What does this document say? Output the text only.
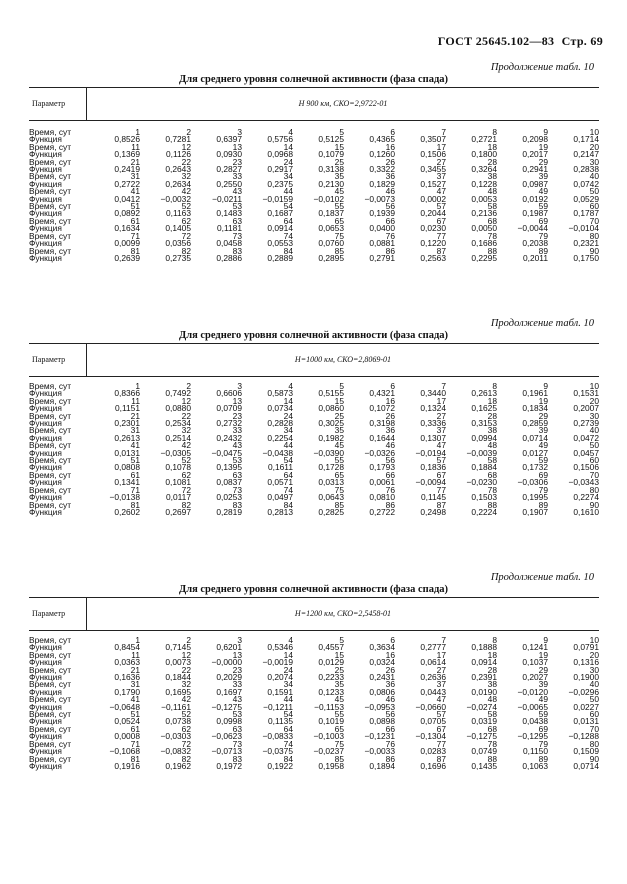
ГОСТ 25645.102—83 Стр. 69
Продолжение табл. 10
Для среднего уровня солнечной активности (фаза спада)
Параметр	H 900 км, СКО=2,9722-01
Время, сут	1	2	3	4	5	6	7	8	9	10
Функция	0,8526	0,7281	0,6397	0,5756	0,5125	0,4365	0,3507	0,2721	0,2098	0,1714
Время, сут	11	12	13	14	15	16	17	18	19	20
Функция	0,1369	0,1126	0,0930	0,0968	0,1079	0,1260	0,1506	0,1800	0,2017	0,2147
Время, сут	21	22	23	24	25	26	27	28	29	30
Функция	0,2419	0,2643	0,2827	0,2917	0,3138	0,3322	0,3455	0,3264	0,2941	0,2838
Время, сут	31	32	33	34	35	36	37	38	39	40
Функция	0,2722	0,2634	0,2550	0,2375	0,2130	0,1829	0,1527	0,1228	0,0987	0,0742
Время, сут	41	42	43	44	45	46	47	48	49	50
Функция	0,0412	−0,0032	−0,0211	−0,0159	−0,0102	−0,0073	0,0002	0,0053	0,0192	0,0529
Время, сут	51	52	53	54	55	56	57	58	59	60
Функция	0,0892	0,1163	0,1483	0,1687	0,1837	0,1939	0,2044	0,2136	0,1987	0,1787
Время, сут	61	62	63	64	65	66	67	68	69	70
Функция	0,1634	0,1405	0,1181	0,0914	0,0653	0,0400	0,0230	0,0050	−0,0044	−0,0104
Время, сут	71	72	73	74	75	76	77	78	79	80
Функция	0,0099	0,0356	0,0458	0,0553	0,0760	0,0881	0,1220	0,1686	0,2038	0,2321
Время, сут	81	82	83	84	85	86	87	88	89	90
Функция	0,2639	0,2735	0,2886	0,2889	0,2895	0,2791	0,2563	0,2295	0,2011	0,1750
Продолжение табл. 10
Для среднего уровня солнечной активности (фаза спада)
Параметр	H=1000 км, СКО=2,8069-01
Время, сут	1	2	3	4	5	6	7	8	9	10
Функция	0,8366	0,7492	0,6606	0,5873	0,5155	0,4321	0,3440	0,2613	0,1961	0,1531
Время, сут	11	12	13	14	15	16	17	18	19	20
Функция	0,1151	0,0880	0,0709	0,0734	0,0860	0,1072	0,1324	0,1625	0,1834	0,2007
Время, сут	21	22	23	24	25	26	27	28	29	30
Функция	0,2301	0,2534	0,2732	0,2828	0,3025	0,3198	0,3336	0,3153	0,2859	0,2739
Время, сут	31	32	33	34	35	36	37	38	39	40
Функция	0,2613	0,2514	0,2432	0,2254	0,1982	0,1644	0,1307	0,0994	0,0714	0,0472
Время, сут	41	42	43	44	45	46	47	48	49	50
Функция	0,0131	−0,0305	−0,0475	−0,0438	−0,0390	−0,0326	−0,0194	−0,0039	0,0127	0,0457
Время, сут	51	52	53	54	55	56	57	58	59	60
Функция	0,0808	0,1078	0,1395	0,1611	0,1728	0,1793	0,1836	0,1884	0,1732	0,1506
Время, сут	61	62	63	64	65	66	67	68	69	70
Функция	0,1341	0,1081	0,0837	0,0571	0,0313	0,0061	−0,0094	−0,0230	−0,0306	−0,0343
Время, сут	71	72	73	74	75	76	77	78	79	80
Функция	−0,0138	0,0117	0,0253	0,0497	0,0643	0,0810	0,1145	0,1503	0,1995	0,2274
Время, сут	81	82	83	84	85	86	87	88	89	90
Функция	0,2602	0,2697	0,2819	0,2813	0,2825	0,2722	0,2498	0,2224	0,1907	0,1610
Продолжение табл. 10
Для среднего уровня солнечной активности (фаза спада)
Параметр	H=1200 км, СКО=2,5458-01
Время, сут	1	2	3	4	5	6	7	8	9	10
Функция	0,8454	0,7145	0,6201	0,5346	0,4557	0,3634	0,2777	0,1888	0,1241	0,0791
Время, сут	11	12	13	14	15	16	17	18	19	20
Функция	0,0363	0,0073	−0,0000	−0,0019	0,0129	0,0324	0,0614	0,0914	0,1037	0,1316
Время, сут	21	22	23	24	25	26	27	28	29	30
Функция	0,1636	0,1844	0,2029	0,2074	0,2233	0,2431	0,2636	0,2391	0,2027	0,1900
Время, сут	31	32	33	34	35	36	37	38	39	40
Функция	0,1790	0,1695	0,1697	0,1591	0,1233	0,0806	0,0443	0,0190	−0,0120	−0,0296
Время, сут	41	42	43	44	45	46	47	48	49	50
Функция	−0,0648	−0,1161	−0,1275	−0,1211	−0,1153	−0,0953	−0,0660	−0,0274	−0,0065	0,0227
Время, сут	51	52	53	54	55	56	57	58	59	60
Функция	0,0524	0,0738	0,0998	0,1135	0,1019	0,0898	0,0705	0,0319	0,0438	0,0131
Время, сут	61	62	63	64	65	66	67	68	69	70
Функция	0,0008	−0,0303	−0,0623	−0,0833	−0,1003	−0,1231	−0,1304	−0,1275	−0,1295	−0,1288
Время, сут	71	72	73	74	75	76	77	78	79	80
Функция	−0,1068	−0,0832	−0,0713	−0,0375	−0,0237	−0,0033	0,0283	0,0749	0,1150	0,1509
Время, сут	81	82	83	84	85	86	87	88	89	90
Функция	0,1916	0,1962	0,1972	0,1922	0,1958	0,1894	0,1696	0,1435	0,1063	0,0714
